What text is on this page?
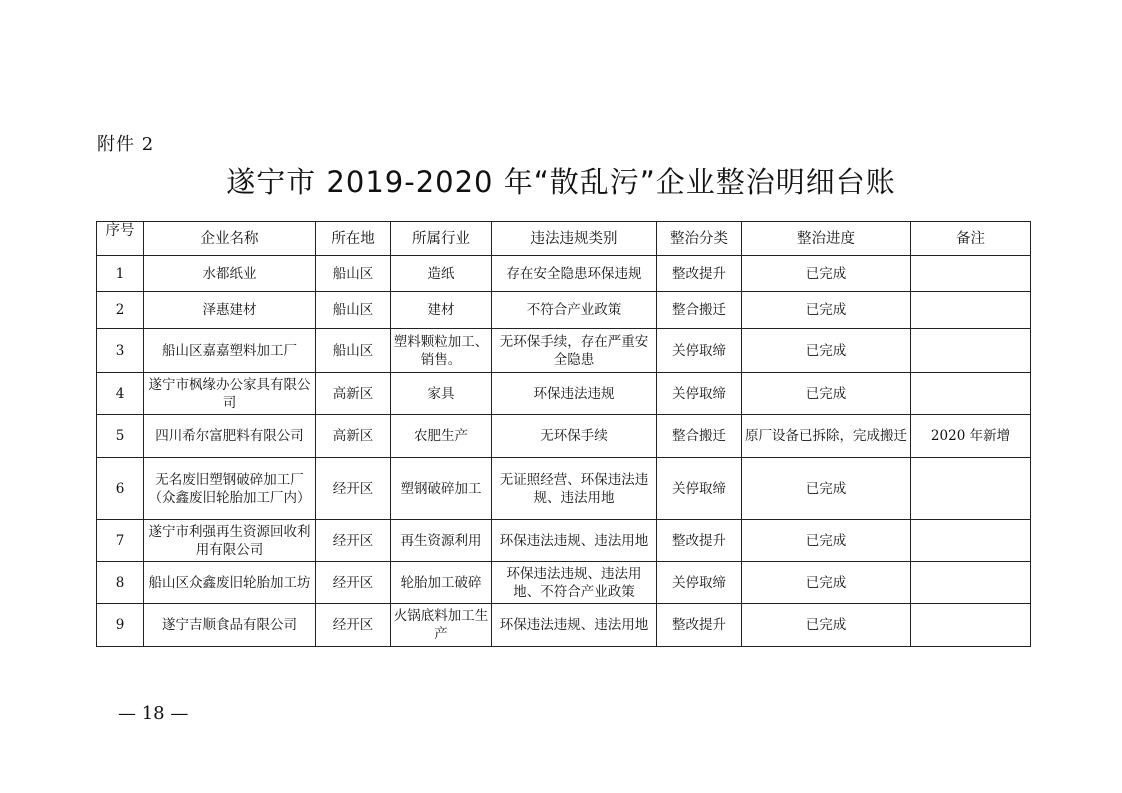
附件 2
遂宁市 2019-2020 年“散乱污”企业整治明细台账
序号	企业名称	所在地	所属行业	违法违规类别	整治分类	整治进度	备注
1	水都纸业	船山区	造纸	存在安全隐患环保违规	整改提升	已完成	
2	泽惠建材	船山区	建材	不符合产业政策	整合搬迁	已完成	
3	船山区嘉嘉塑料加工厂	船山区	塑料颗粒加工、销售。	无环保手续，存在严重安全隐患	关停取缔	已完成	
4	遂宁市枫缘办公家具有限公司	高新区	家具	环保违法违规	关停取缔	已完成	
5	四川希尔富肥料有限公司	高新区	农肥生产	无环保手续	整合搬迁	原厂设备已拆除，完成搬迁	2020 年新增
6	无名废旧塑钢破碎加工厂（众鑫废旧轮胎加工厂内）	经开区	塑钢破碎加工	无证照经营、环保违法违规、违法用地	关停取缔	已完成	
7	遂宁市利强再生资源回收利用有限公司	经开区	再生资源利用	环保违法违规、违法用地	整改提升	已完成	
8	船山区众鑫废旧轮胎加工坊	经开区	轮胎加工破碎	环保违法违规、违法用地、不符合产业政策	关停取缔	已完成	
9	遂宁吉顺食品有限公司	经开区	火锅底料加工生产	环保违法违规、违法用地	整改提升	已完成	
— 18 —
